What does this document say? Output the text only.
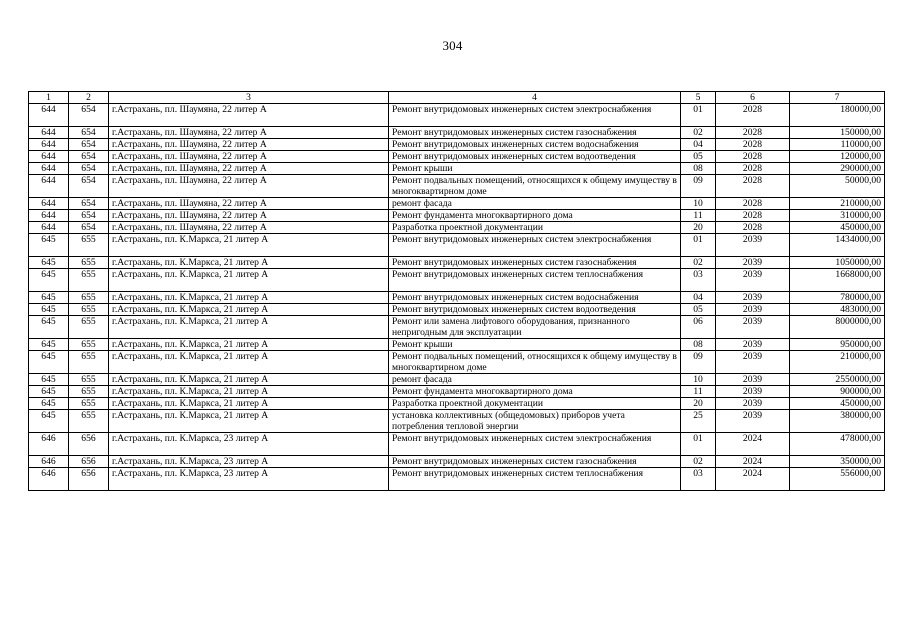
304
1	2	3	4	5	6	7
644	654	г.Астрахань, пл. Шаумяна, 22 литер А	Ремонт внутридомовых инженерных систем электроснабжения	01	2028	180000,00
644	654	г.Астрахань, пл. Шаумяна, 22 литер А	Ремонт внутридомовых инженерных систем газоснабжения	02	2028	150000,00
644	654	г.Астрахань, пл. Шаумяна, 22 литер А	Ремонт внутридомовых инженерных систем водоснабжения	04	2028	110000,00
644	654	г.Астрахань, пл. Шаумяна, 22 литер А	Ремонт внутридомовых инженерных систем водоотведения	05	2028	120000,00
644	654	г.Астрахань, пл. Шаумяна, 22 литер А	Ремонт крыши	08	2028	290000,00
644	654	г.Астрахань, пл. Шаумяна, 22 литер А	Ремонт подвальных помещений, относящихся к общему имуществу в многоквартирном доме	09	2028	50000,00
644	654	г.Астрахань, пл. Шаумяна, 22 литер А	ремонт фасада	10	2028	210000,00
644	654	г.Астрахань, пл. Шаумяна, 22 литер А	Ремонт фундамента многоквартирного дома	11	2028	310000,00
644	654	г.Астрахань, пл. Шаумяна, 22 литер А	Разработка проектной документации	20	2028	450000,00
645	655	г.Астрахань, пл. К.Маркса, 21 литер А	Ремонт внутридомовых инженерных систем электроснабжения	01	2039	1434000,00
645	655	г.Астрахань, пл. К.Маркса, 21 литер А	Ремонт внутридомовых инженерных систем газоснабжения	02	2039	1050000,00
645	655	г.Астрахань, пл. К.Маркса, 21 литер А	Ремонт внутридомовых инженерных систем теплоснабжения	03	2039	1668000,00
645	655	г.Астрахань, пл. К.Маркса, 21 литер А	Ремонт внутридомовых инженерных систем водоснабжения	04	2039	780000,00
645	655	г.Астрахань, пл. К.Маркса, 21 литер А	Ремонт внутридомовых инженерных систем водоотведения	05	2039	483000,00
645	655	г.Астрахань, пл. К.Маркса, 21 литер А	Ремонт или замена лифтового оборудования, признанного непригодным для эксплуатации	06	2039	8000000,00
645	655	г.Астрахань, пл. К.Маркса, 21 литер А	Ремонт крыши	08	2039	950000,00
645	655	г.Астрахань, пл. К.Маркса, 21 литер А	Ремонт подвальных помещений, относящихся к общему имуществу в многоквартирном доме	09	2039	210000,00
645	655	г.Астрахань, пл. К.Маркса, 21 литер А	ремонт фасада	10	2039	2550000,00
645	655	г.Астрахань, пл. К.Маркса, 21 литер А	Ремонт фундамента многоквартирного дома	11	2039	900000,00
645	655	г.Астрахань, пл. К.Маркса, 21 литер А	Разработка проектной документации	20	2039	450000,00
645	655	г.Астрахань, пл. К.Маркса, 21 литер А	установка коллективных (общедомовых) приборов учета потребления тепловой энергии	25	2039	380000,00
646	656	г.Астрахань, пл. К.Маркса, 23 литер А	Ремонт внутридомовых инженерных систем электроснабжения	01	2024	478000,00
646	656	г.Астрахань, пл. К.Маркса, 23 литер А	Ремонт внутридомовых инженерных систем газоснабжения	02	2024	350000,00
646	656	г.Астрахань, пл. К.Маркса, 23 литер А	Ремонт внутридомовых инженерных систем теплоснабжения	03	2024	556000,00
